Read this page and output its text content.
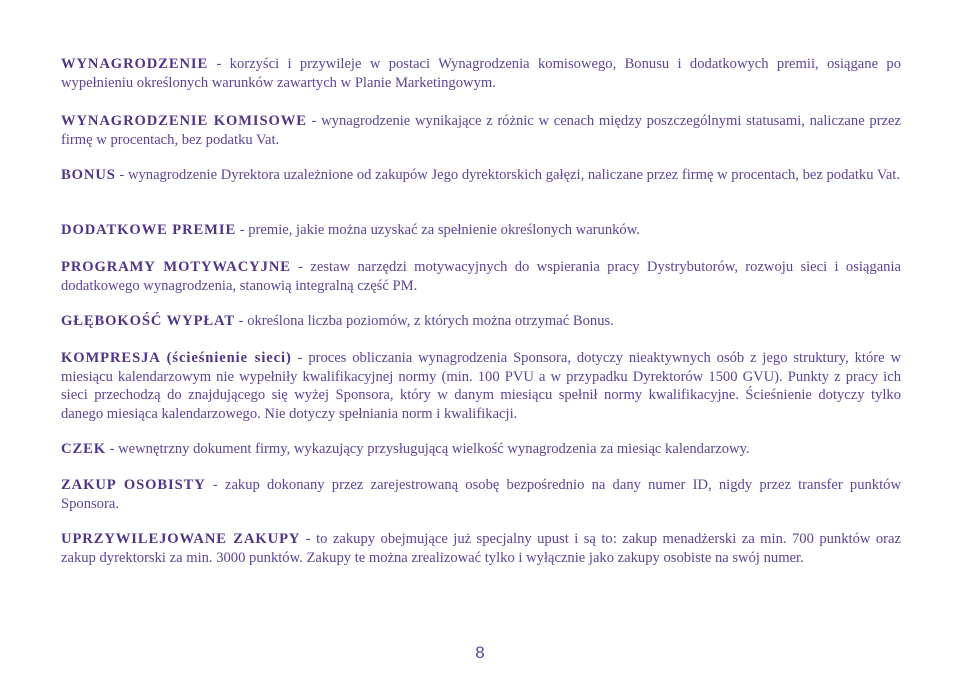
WYNAGRODZENIE - korzyści i przywileje w postaci Wynagrodzenia komisowego, Bonusu i dodatkowych premii, osiągane po wypełnieniu określonych warunków zawartych w Planie Marketingowym.

WYNAGRODZENIE KOMISOWE - wynagrodzenie wynikające z różnic w cenach między poszczególnymi statusami, naliczane przez firmę w procentach, bez podatku Vat.

BONUS - wynagrodzenie Dyrektora uzależnione od zakupów Jego dyrektorskich gałęzi, naliczane przez firmę w procentach, bez podatku Vat.

DODATKOWE PREMIE - premie, jakie można uzyskać za spełnienie określonych warunków.

PROGRAMY MOTYWACYJNE - zestaw narzędzi motywacyjnych do wspierania pracy Dystrybutorów, rozwoju sieci i osiągania dodatkowego wynagrodzenia, stanowią integralną część PM.

GŁĘBOKOŚĆ WYPŁAT - określona liczba poziomów, z których można otrzymać Bonus.

KOMPRESJA (ścieśnienie sieci) - proces obliczania wynagrodzenia Sponsora, dotyczy nieaktywnych osób z jego struktury, które w miesiącu kalendarzowym nie wypełniły kwalifikacyjnej normy (min. 100 PVU a w przypadku Dyrektorów 1500 GVU). Punkty z pracy ich sieci przechodzą do znajdującego się wyżej Sponsora, który w danym miesiącu spełnił normy kwalifikacyjne. Ścieśnienie dotyczy tylko danego miesiąca kalendarzowego. Nie dotyczy spełniania norm i kwalifikacji.

CZEK - wewnętrzny dokument firmy, wykazujący przysługującą wielkość wynagrodzenia za miesiąc kalendarzowy.

ZAKUP OSOBISTY - zakup dokonany przez zarejestrowaną osobę bezpośrednio na dany numer ID, nigdy przez transfer punktów Sponsora.

UPRZYWILEJOWANE ZAKUPY - to zakupy obejmujące już specjalny upust i są to: zakup menadżerski za min. 700 punktów oraz zakup dyrektorski za min. 3000 punktów. Zakupy te można zrealizować tylko i wyłącznie jako zakupy osobiste na swój numer.

8
